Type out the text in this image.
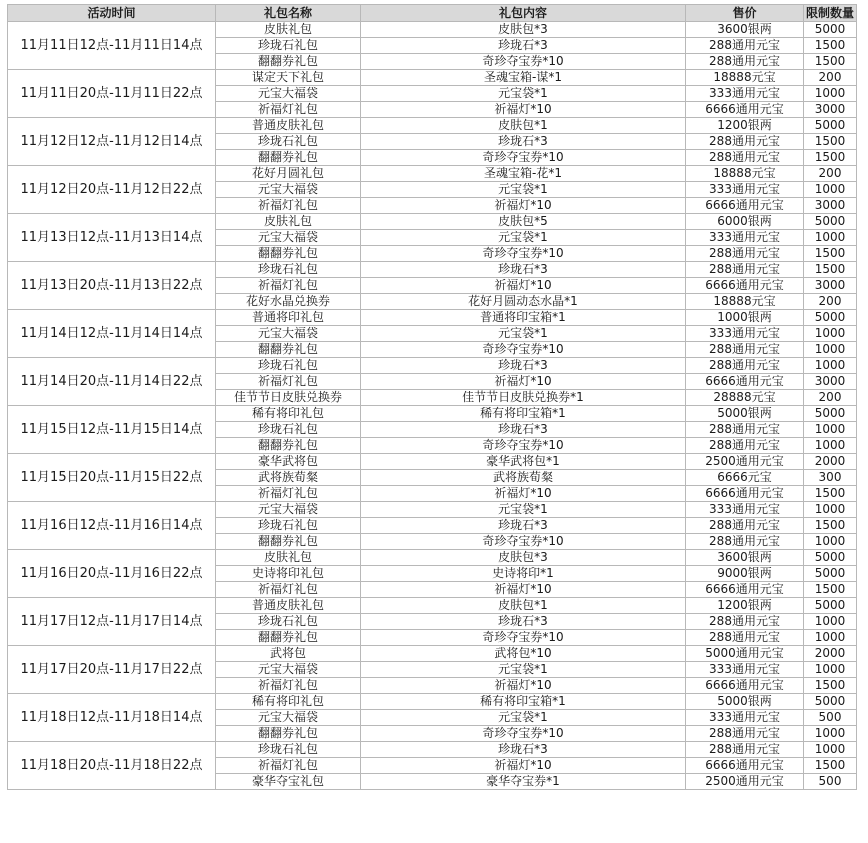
活动时间	礼包名称	礼包内容	售价	限制数量
11月11日12点-11月11日14点	皮肤礼包	皮肤包*3	3600银两	5000
	珍珑石礼包	珍珑石*3	288通用元宝	1500
	翻翻券礼包	奇珍夺宝券*10	288通用元宝	1500
11月11日20点-11月11日22点	谋定天下礼包	圣魂宝箱-谋*1	18888元宝	200
	元宝大福袋	元宝袋*1	333通用元宝	1000
	祈福灯礼包	祈福灯*10	6666通用元宝	3000
11月12日12点-11月12日14点	普通皮肤礼包	皮肤包*1	1200银两	5000
	珍珑石礼包	珍珑石*3	288通用元宝	1500
	翻翻券礼包	奇珍夺宝券*10	288通用元宝	1500
11月12日20点-11月12日22点	花好月圆礼包	圣魂宝箱-花*1	18888元宝	200
	元宝大福袋	元宝袋*1	333通用元宝	1000
	祈福灯礼包	祈福灯*10	6666通用元宝	3000
11月13日12点-11月13日14点	皮肤礼包	皮肤包*5	6000银两	5000
	元宝大福袋	元宝袋*1	333通用元宝	1000
	翻翻券礼包	奇珍夺宝券*10	288通用元宝	1500
11月13日20点-11月13日22点	珍珑石礼包	珍珑石*3	288通用元宝	1500
	祈福灯礼包	祈福灯*10	6666通用元宝	3000
	花好水晶兑换券	花好月圆动态水晶*1	18888元宝	200
11月14日12点-11月14日14点	普通将印礼包	普通将印宝箱*1	1000银两	5000
	元宝大福袋	元宝袋*1	333通用元宝	1000
	翻翻券礼包	奇珍夺宝券*10	288通用元宝	1000
11月14日20点-11月14日22点	珍珑石礼包	珍珑石*3	288通用元宝	1000
	祈福灯礼包	祈福灯*10	6666通用元宝	3000
	佳节节日皮肤兑换券	佳节节日皮肤兑换券*1	28888元宝	200
11月15日12点-11月15日14点	稀有将印礼包	稀有将印宝箱*1	5000银两	5000
	珍珑石礼包	珍珑石*3	288通用元宝	1000
	翻翻券礼包	奇珍夺宝券*10	288通用元宝	1000
11月15日20点-11月15日22点	豪华武将包	豪华武将包*1	2500通用元宝	2000
	武将族荀粲	武将族荀粲	6666元宝	300
	祈福灯礼包	祈福灯*10	6666通用元宝	1500
11月16日12点-11月16日14点	元宝大福袋	元宝袋*1	333通用元宝	1000
	珍珑石礼包	珍珑石*3	288通用元宝	1500
	翻翻券礼包	奇珍夺宝券*10	288通用元宝	1000
11月16日20点-11月16日22点	皮肤礼包	皮肤包*3	3600银两	5000
	史诗将印礼包	史诗将印*1	9000银两	5000
	祈福灯礼包	祈福灯*10	6666通用元宝	1500
11月17日12点-11月17日14点	普通皮肤礼包	皮肤包*1	1200银两	5000
	珍珑石礼包	珍珑石*3	288通用元宝	1000
	翻翻券礼包	奇珍夺宝券*10	288通用元宝	1000
11月17日20点-11月17日22点	武将包	武将包*10	5000通用元宝	2000
	元宝大福袋	元宝袋*1	333通用元宝	1000
	祈福灯礼包	祈福灯*10	6666通用元宝	1500
11月18日12点-11月18日14点	稀有将印礼包	稀有将印宝箱*1	5000银两	5000
	元宝大福袋	元宝袋*1	333通用元宝	500
	翻翻券礼包	奇珍夺宝券*10	288通用元宝	1000
11月18日20点-11月18日22点	珍珑石礼包	珍珑石*3	288通用元宝	1000
	祈福灯礼包	祈福灯*10	6666通用元宝	1500
	豪华夺宝礼包	豪华夺宝券*1	2500通用元宝	500
